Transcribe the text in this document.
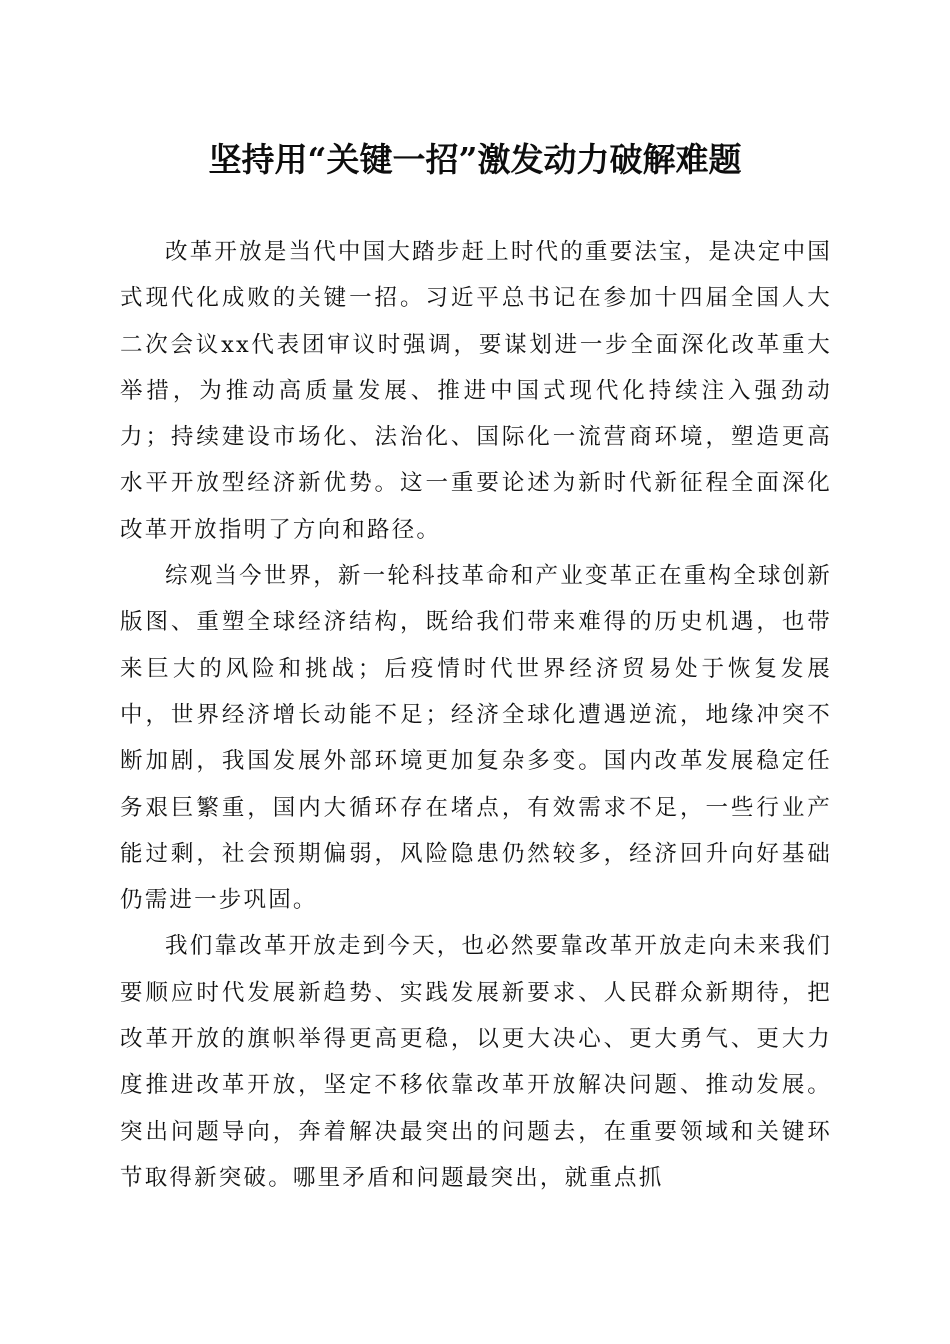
坚持用“关键一招”激发动力破解难题

改革开放是当代中国大踏步赶上时代的重要法宝，是决定中国式现代化成败的关键一招。习近平总书记在参加十四届全国人大二次会议xx代表团审议时强调，要谋划进一步全面深化改革重大举措，为推动高质量发展、推进中国式现代化持续注入强劲动力；持续建设市场化、法治化、国际化一流营商环境，塑造更高水平开放型经济新优势。这一重要论述为新时代新征程全面深化改革开放指明了方向和路径。

综观当今世界，新一轮科技革命和产业变革正在重构全球创新版图、重塑全球经济结构，既给我们带来难得的历史机遇，也带来巨大的风险和挑战；后疫情时代世界经济贸易处于恢复发展中，世界经济增长动能不足；经济全球化遭遇逆流，地缘冲突不断加剧，我国发展外部环境更加复杂多变。国内改革发展稳定任务艰巨繁重，国内大循环存在堵点，有效需求不足，一些行业产能过剩，社会预期偏弱，风险隐患仍然较多，经济回升向好基础仍需进一步巩固。

我们靠改革开放走到今天，也必然要靠改革开放走向未来我们要顺应时代发展新趋势、实践发展新要求、人民群众新期待，把改革开放的旗帜举得更高更稳，以更大决心、更大勇气、更大力度推进改革开放，坚定不移依靠改革开放解决问题、推动发展。突出问题导向，奔着解决最突出的问题去，在重要领域和关键环节取得新突破。哪里矛盾和问题最突出，就重点抓
